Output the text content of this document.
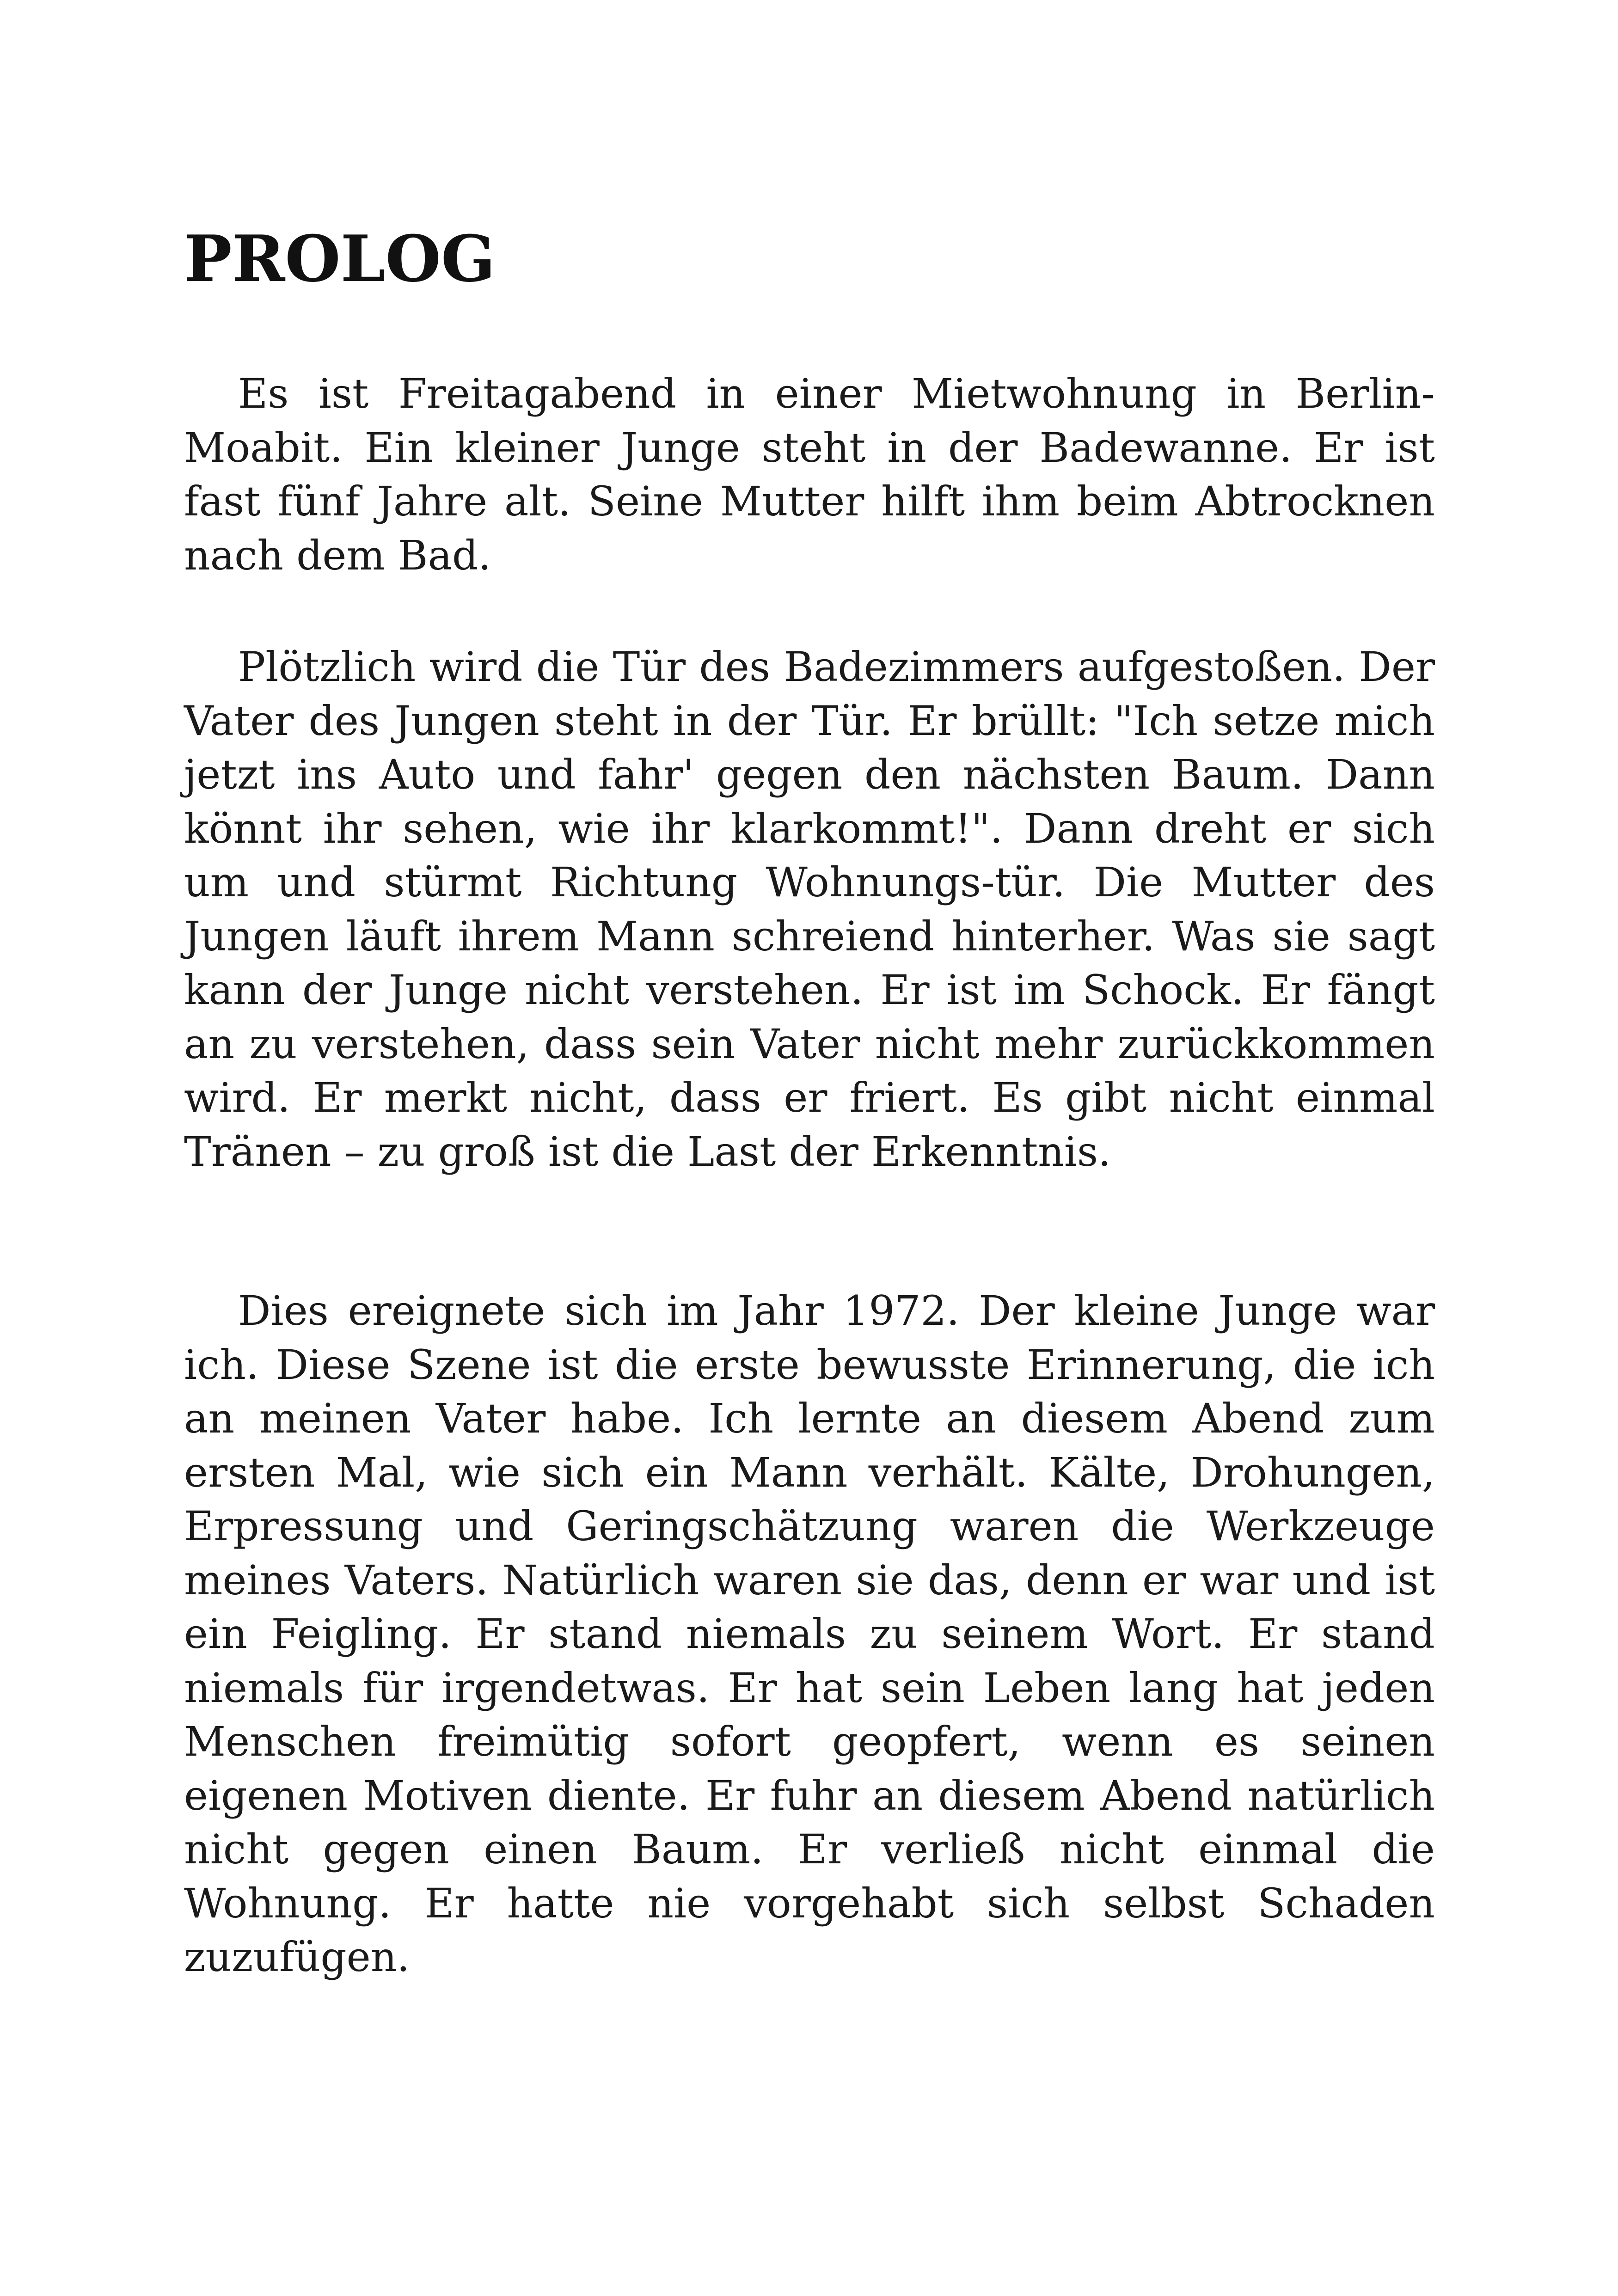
PROLOG

Es ist Freitagabend in einer Mietwohnung in Berlin-Moabit. Ein kleiner Junge steht in der Badewanne. Er ist fast fünf Jahre alt. Seine Mutter hilft ihm beim Abtrocknen nach dem Bad.

Plötzlich wird die Tür des Badezimmers aufgestoßen. Der Vater des Jungen steht in der Tür. Er brüllt: "Ich setze mich jetzt ins Auto und fahr' gegen den nächsten Baum. Dann könnt ihr sehen, wie ihr klarkommt!". Dann dreht er sich um und stürmt Richtung Wohnungs-tür. Die Mutter des Jungen läuft ihrem Mann schreiend hinterher. Was sie sagt kann der Junge nicht verstehen. Er ist im Schock. Er fängt an zu verstehen, dass sein Vater nicht mehr zurückkommen wird. Er merkt nicht, dass er friert. Es gibt nicht einmal Tränen – zu groß ist die Last der Erkenntnis.

Dies ereignete sich im Jahr 1972. Der kleine Junge war ich. Diese Szene ist die erste bewusste Erinnerung, die ich an meinen Vater habe. Ich lernte an diesem Abend zum ersten Mal, wie sich ein Mann verhält. Kälte, Drohungen, Erpressung und Geringschätzung waren die Werkzeuge meines Vaters. Natürlich waren sie das, denn er war und ist ein Feigling. Er stand niemals zu seinem Wort. Er stand niemals für irgendetwas. Er hat sein Leben lang hat jeden Menschen freimütig sofort geopfert, wenn es seinen eigenen Motiven diente. Er fuhr an diesem Abend natürlich nicht gegen einen Baum. Er verließ nicht einmal die Wohnung. Er hatte nie vorgehabt sich selbst Schaden zuzufügen.
